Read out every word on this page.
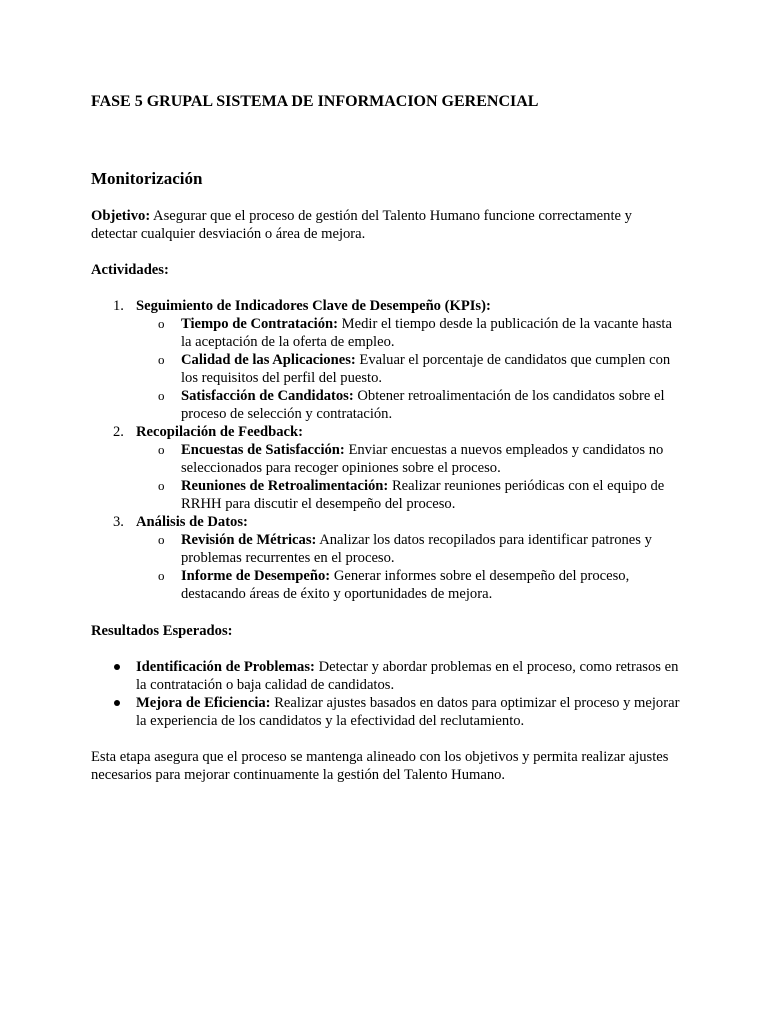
FASE 5 GRUPAL SISTEMA DE INFORMACION GERENCIAL
Monitorización

Objetivo: Asegurar que el proceso de gestión del Talento Humano funcione correctamente y detectar cualquier desviación o área de mejora.

Actividades:

1. Seguimiento de Indicadores Clave de Desempeño (KPIs):
o Tiempo de Contratación: Medir el tiempo desde la publicación de la vacante hasta la aceptación de la oferta de empleo.
o Calidad de las Aplicaciones: Evaluar el porcentaje de candidatos que cumplen con los requisitos del perfil del puesto.
o Satisfacción de Candidatos: Obtener retroalimentación de los candidatos sobre el proceso de selección y contratación.
2. Recopilación de Feedback:
o Encuestas de Satisfacción: Enviar encuestas a nuevos empleados y candidatos no seleccionados para recoger opiniones sobre el proceso.
o Reuniones de Retroalimentación: Realizar reuniones periódicas con el equipo de RRHH para discutir el desempeño del proceso.
3. Análisis de Datos:
o Revisión de Métricas: Analizar los datos recopilados para identificar patrones y problemas recurrentes en el proceso.
o Informe de Desempeño: Generar informes sobre el desempeño del proceso, destacando áreas de éxito y oportunidades de mejora.

Resultados Esperados:

Identificación de Problemas: Detectar y abordar problemas en el proceso, como retrasos en la contratación o baja calidad de candidatos.
Mejora de Eficiencia: Realizar ajustes basados en datos para optimizar el proceso y mejorar la experiencia de los candidatos y la efectividad del reclutamiento.

Esta etapa asegura que el proceso se mantenga alineado con los objetivos y permita realizar ajustes necesarios para mejorar continuamente la gestión del Talento Humano.
